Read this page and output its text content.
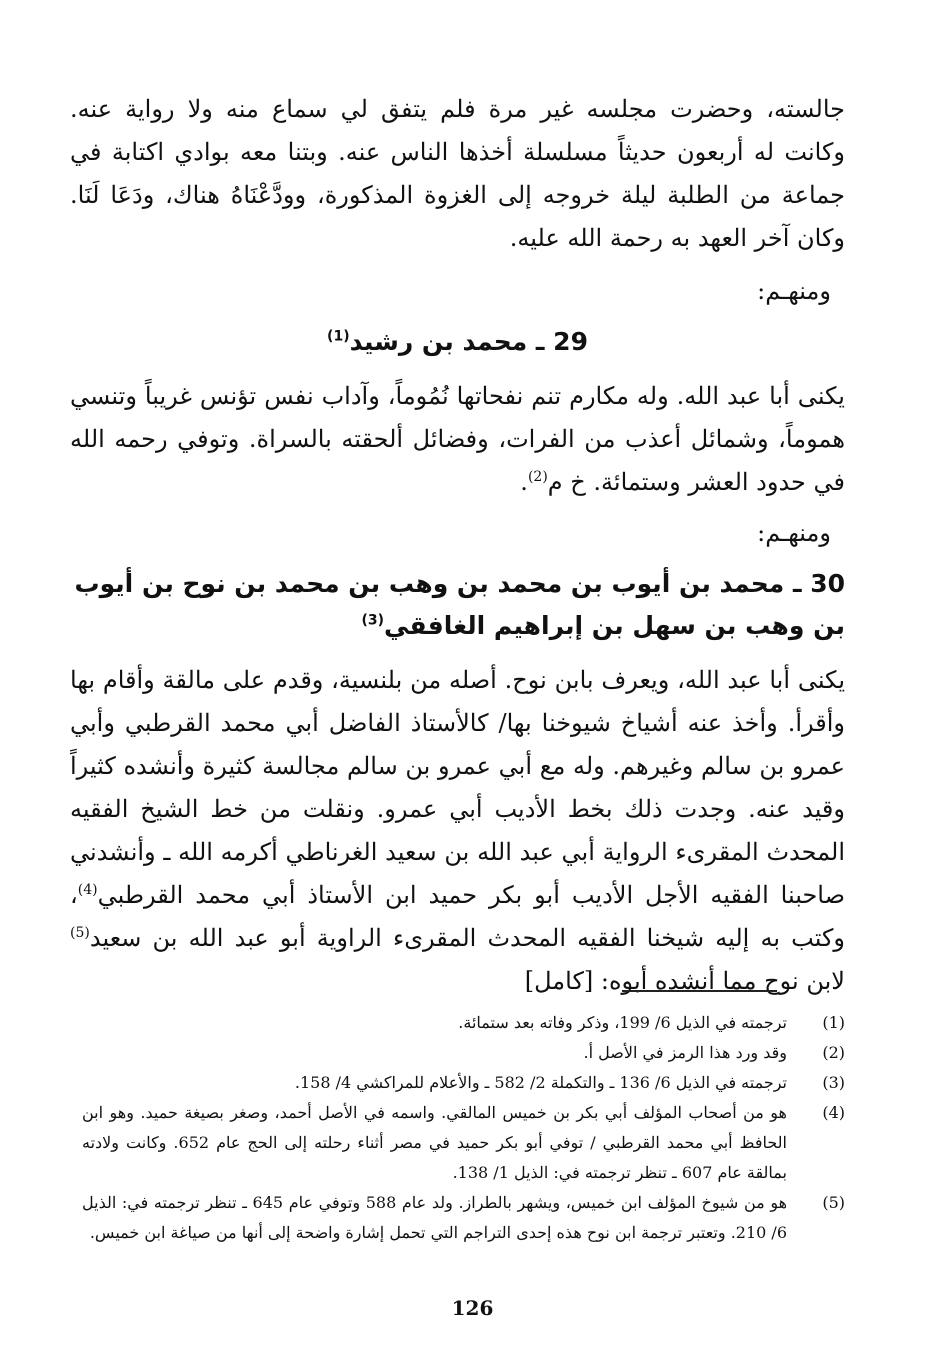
جالسته، وحضرت مجلسه غير مرة فلم يتفق لي سماع منه ولا رواية عنه. وكانت له أربعون حديثاً مسلسلة أخذها الناس عنه. وبتنا معه بوادي اكتابة في جماعة من الطلبة ليلة خروجه إلى الغزوة المذكورة، وودَّعْنَاهُ هناك، ودَعَا لَنَا. وكان آخر العهد به رحمة الله عليه.

ومنهـم:

29 ـ محمد بن رشيد$^{(1)}$

يكنى أبا عبد الله. وله مكارم تنم نفحاتها نُمُوماً، وآداب نفس تؤنس غريباً وتنسي هموماً، وشمائل أعذب من الفرات، وفضائل ألحقته بالسراة. وتوفي رحمه الله في حدود العشر وستمائة. خ م$^{(2)}$.

ومنهـم:

30 ـ محمد بن أيوب بن محمد بن وهب بن محمد بن نوح بن أيوب بن وهب بن سهل بن إبراهيم الغافقي$^{(3)}$

يكنى أبا عبد الله، ويعرف بابن نوح. أصله من بلنسية، وقدم على مالقة وأقام بها وأقرأ. وأخذ عنه أشياخ شيوخنا بها/ كالأستاذ الفاضل أبي محمد القرطبي وأبي عمرو بن سالم وغيرهم. وله مع أبي عمرو بن سالم مجالسة كثيرة وأنشده كثيراً وقيد عنه. وجدت ذلك بخط الأديب أبي عمرو. ونقلت من خط الشيخ الفقيه المحدث المقرىء الرواية أبي عبد الله بن سعيد الغرناطي أكرمه الله ـ وأنشدني صاحبنا الفقيه الأجل الأديب أبو بكر حميد ابن الأستاذ أبي محمد القرطبي$^{(4)}$، وكتب به إليه شيخنا الفقيه المحدث المقرىء الراوية أبو عبد الله بن سعيد$^{(5)}$ لابن نوح مما أنشده أبوه: [كامل]

(1)
ترجمته في الذيل 6/ 199، وذكر وفاته بعد ستمائة.
(2)
وقد ورد هذا الرمز في الأصل أ.
(3)
ترجمته في الذيل 6/ 136 ـ والتكملة 2/ 582 ـ والأعلام للمراكشي 4/ 158.
(4)
هو من أصحاب المؤلف أبي بكر بن خميس المالقي. واسمه في الأصل أحمد، وصغر بصيغة حميد. وهو ابن الحافظ أبي محمد القرطبي / توفي أبو بكر حميد في مصر أثناء رحلته إلى الحج عام 652. وكانت ولادته بمالقة عام 607 ـ تنظر ترجمته في: الذيل 1/ 138.
(5)
هو من شيوخ المؤلف ابن خميس، ويشهر بالطراز. ولد عام 588 وتوفي عام 645 ـ تنظر ترجمته في: الذيل 6/ 210. وتعتبر ترجمة ابن نوح هذه إحدى التراجم التي تحمل إشارة واضحة إلى أنها من صياغة ابن خميس.
126
